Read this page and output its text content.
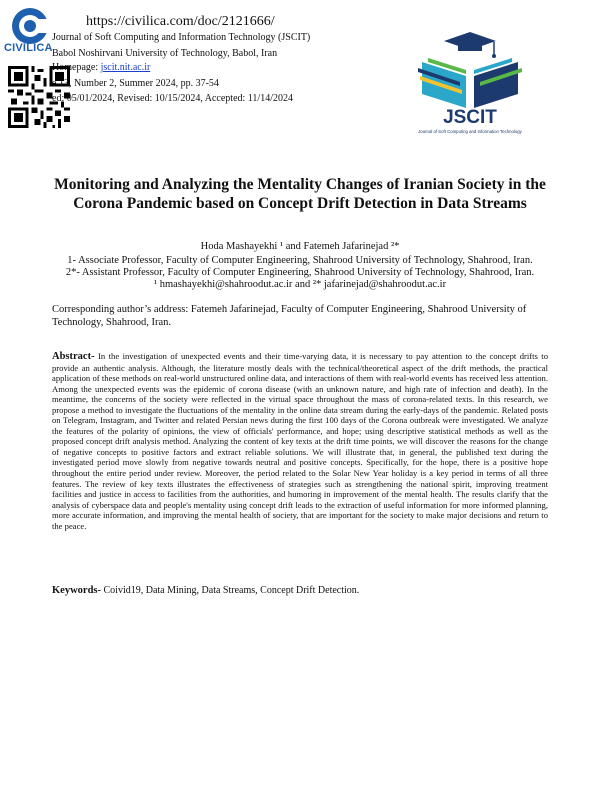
CIVILICA
https://civilica.com/doc/2121666/
Journal of Soft Computing and Information Technology (JSCIT)
Babol Noshirvani University of Technology, Babol, Iran
Homepage: jscit.nit.ac.ir
e 13, Number 2, Summer 2024, pp. 37-54
ed: 05/01/2024, Revised: 10/15/2024, Accepted: 11/14/2024
JSCIT
Journal of Soft Computing and Information Technology
Monitoring and Analyzing the Mentality Changes of Iranian Society in the Corona Pandemic based on Concept Drift Detection in Data Streams
Hoda Mashayekhi ¹ and Fatemeh Jafarinejad ²*
1- Associate Professor, Faculty of Computer Engineering, Shahrood University of Technology, Shahrood, Iran.
2*- Assistant Professor, Faculty of Computer Engineering, Shahrood University of Technology, Shahrood, Iran.
¹ hmashayekhi@shahroodut.ac.ir and ²* jafarinejad@shahroodut.ac.ir
Corresponding author’s address: Fatemeh Jafarinejad, Faculty of Computer Engineering, Shahrood University of Technology, Shahrood, Iran.
Abstract- In the investigation of unexpected events and their time-varying data, it is necessary to pay attention to the concept drifts to provide an authentic analysis. Although, the literature mostly deals with the technical/theoretical aspect of the drift methods, the practical application of these methods on real-world unstructured online data, and interactions of them with real-world events has received less attention. Among the unexpected events was the epidemic of corona disease (with an unknown nature, and high rate of infection and death). In the meantime, the concerns of the society were reflected in the virtual space throughout the mass of corona-related texts. In this research, we propose a method to investigate the fluctuations of the mentality in the online data stream during the early-days of the pandemic. Related posts on Telegram, Instagram, and Twitter and related Persian news during the first 100 days of the Corona outbreak were investigated. We analyze the features of the polarity of opinions, the view of officials' performance, and hope; using descriptive statistical methods as well as the proposed concept drift analysis method. Analyzing the content of key texts at the drift time points, we will discover the reasons for the change of negative concepts to positive factors and extract reliable solutions. We will illustrate that, in general, the published text during the investigated period move slowly from negative towards neutral and positive concepts. Specifically, for the hope, there is a positive hope throughout the entire period under review. Moreover, the period related to the Solar New Year holiday is a key period in terms of all three features. The review of key texts illustrates the effectiveness of strategies such as strengthening the national spirit, improving treatment facilities and justice in access to facilities from the authorities, and humoring in improvement of the mental health. The results clarify that the analysis of cyberspace data and people's mentality using concept drift leads to the extraction of useful information for more informed planning, more accurate information, and improving the mental health of society, that are important for the society to make major decisions and return to the peace.
Keywords- Coivid19, Data Mining, Data Streams, Concept Drift Detection.
